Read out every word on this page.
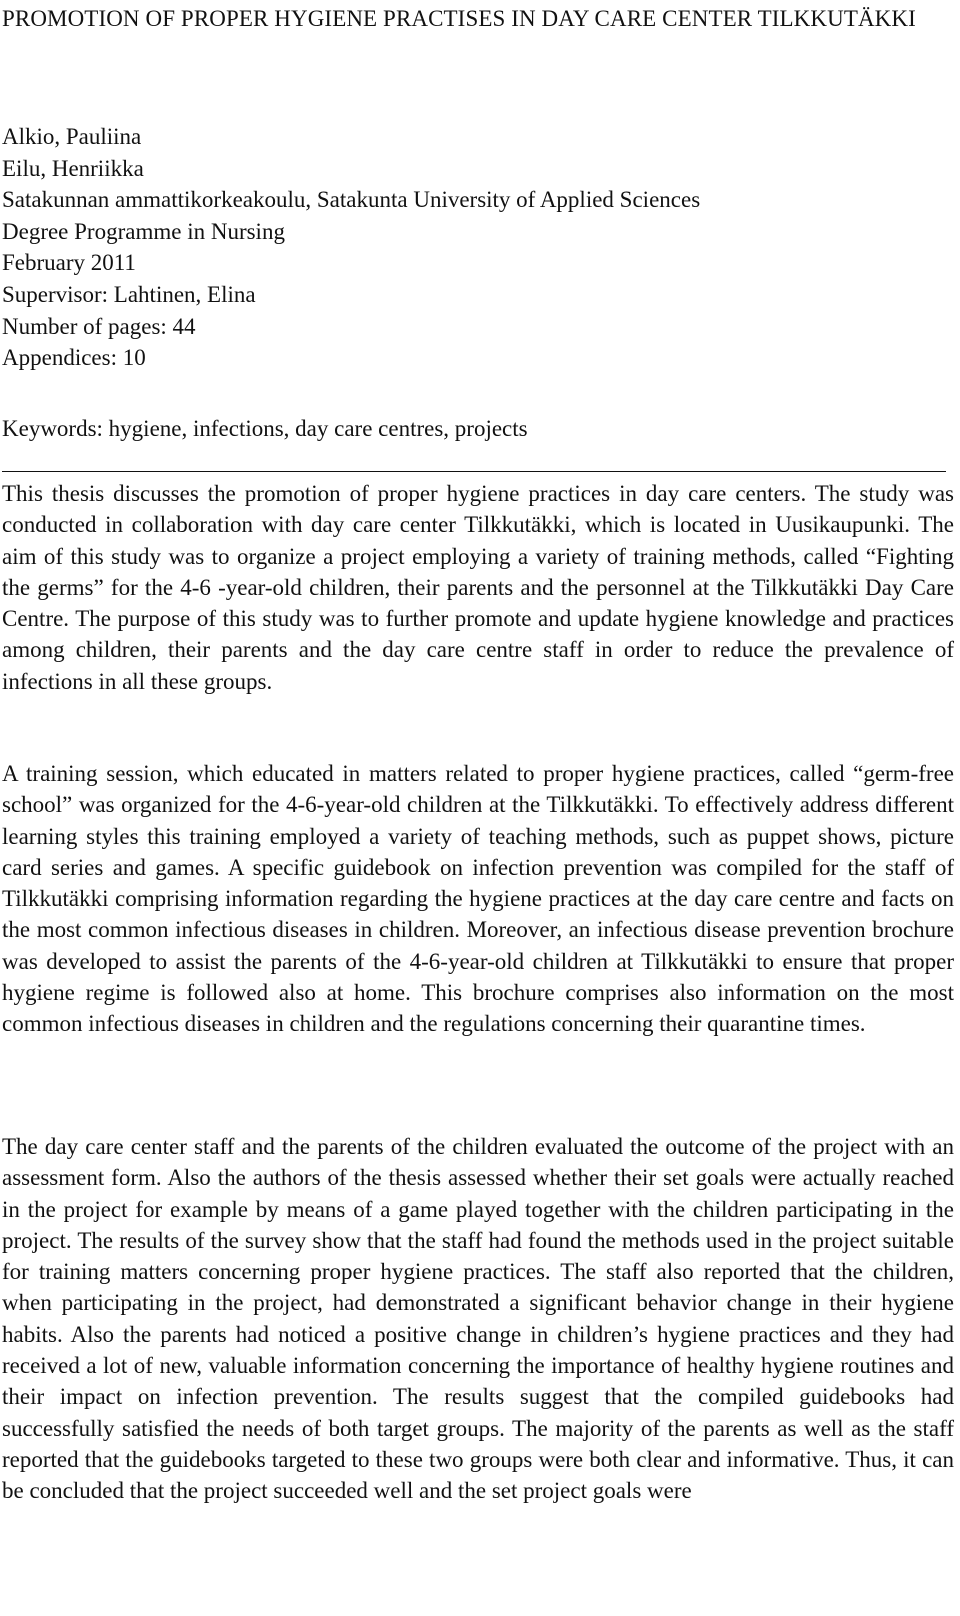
PROMOTION OF PROPER HYGIENE PRACTISES IN DAY CARE CENTER TILKKUTÄKKI
Alkio, Pauliina
Eilu, Henriikka
Satakunnan ammattikorkeakoulu, Satakunta University of Applied Sciences
Degree Programme in Nursing
February 2011
Supervisor: Lahtinen, Elina
Number of pages: 44
Appendices: 10
Keywords: hygiene, infections, day care centres, projects

This thesis discusses the promotion of proper hygiene practices in day care centers. The study was conducted in collaboration with day care center Tilkkutäkki, which is located in Uusikaupunki. The aim of this study was to organize a project employing a variety of training methods, called “Fighting the germs” for the 4-6 -year-old children, their parents and the personnel at the Tilkkutäkki Day Care Centre. The purpose of this study was to further promote and update hygiene knowledge and practices among children, their parents and the day care centre staff in order to reduce the prevalence of infections in all these groups.

A training session, which educated in matters related to proper hygiene practices, called “germ-free school” was organized for the 4-6-year-old children at the Tilkkutäkki. To effectively address different learning styles this training employed a variety of teaching methods, such as puppet shows, picture card series and games. A specific guidebook on infection prevention was compiled for the staff of Tilkkutäkki comprising information regarding the hygiene practices at the day care centre and facts on the most common infectious diseases in children. Moreover, an infectious disease prevention brochure was developed to assist the parents of the 4-6-year-old children at Tilkkutäkki to ensure that proper hygiene regime is followed also at home. This brochure comprises also information on the most common infectious diseases in children and the regulations concerning their quarantine times.

The day care center staff and the parents of the children evaluated the outcome of the project with an assessment form. Also the authors of the thesis assessed whether their set goals were actually reached in the project for example by means of a game played together with the children participating in the project. The results of the survey show that the staff had found the methods used in the project suitable for training matters concerning proper hygiene practices. The staff also reported that the children, when participating in the project, had demonstrated a significant behavior change in their hygiene habits. Also the parents had noticed a positive change in children’s hygiene practices and they had received a lot of new, valuable information concerning the importance of healthy hygiene routines and their impact on infection prevention. The results suggest that the compiled guidebooks had successfully satisfied the needs of both target groups. The majority of the parents as well as the staff reported that the guidebooks targeted to these two groups were both clear and informative. Thus, it can be concluded that the project succeeded well and the set project goals were
